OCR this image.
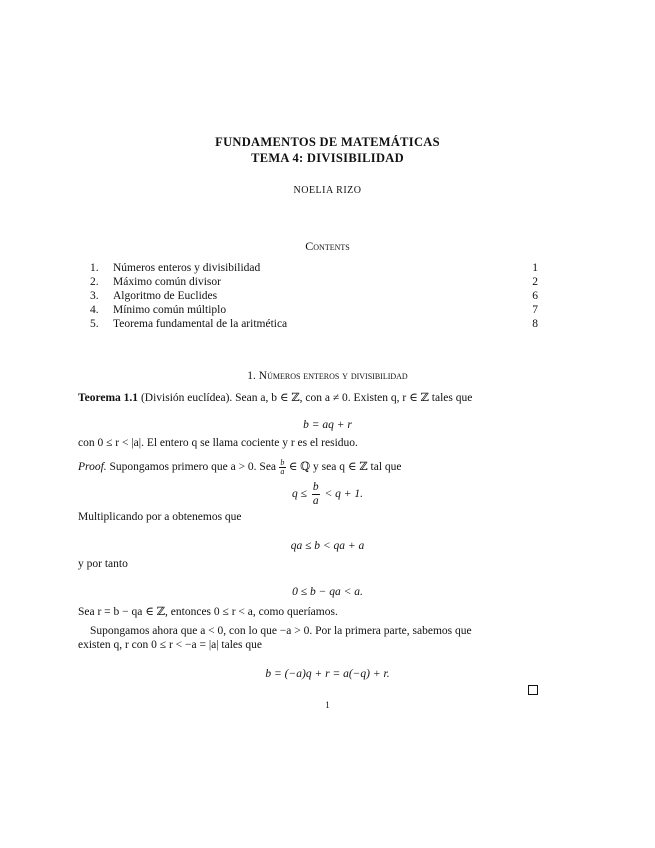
FUNDAMENTOS DE MATEMÁTICAS
TEMA 4: DIVISIBILIDAD
NOELIA RIZO
Contents
1. Números enteros y divisibilidad	1
2. Máximo común divisor	2
3. Algoritmo de Euclides	6
4. Mínimo común múltiplo	7
5. Teorema fundamental de la aritmética	8
1. Números enteros y divisibilidad
Teorema 1.1 (División euclídea). Sean a, b ∈ ℤ, con a ≠ 0. Existen q, r ∈ ℤ tales que
b = aq + r
con 0 ≤ r < |a|. El entero q se llama cociente y r es el residuo.
Proof. Supongamos primero que a > 0. Sea $\frac{b}{a}$ ∈ ℚ y sea q ∈ ℤ tal que
$q \le \frac{b}{a} < q + 1$.
Multiplicando por a obtenemos que
qa ≤ b < qa + a
y por tanto
0 ≤ b − qa < a.
Sea r = b − qa ∈ ℤ, entonces 0 ≤ r < a, como queríamos.
Supongamos ahora que a < 0, con lo que −a > 0. Por la primera parte, sabemos que
existen q, r con 0 ≤ r < −a = |a| tales que
b = (−a)q + r = a(−q) + r.
1
